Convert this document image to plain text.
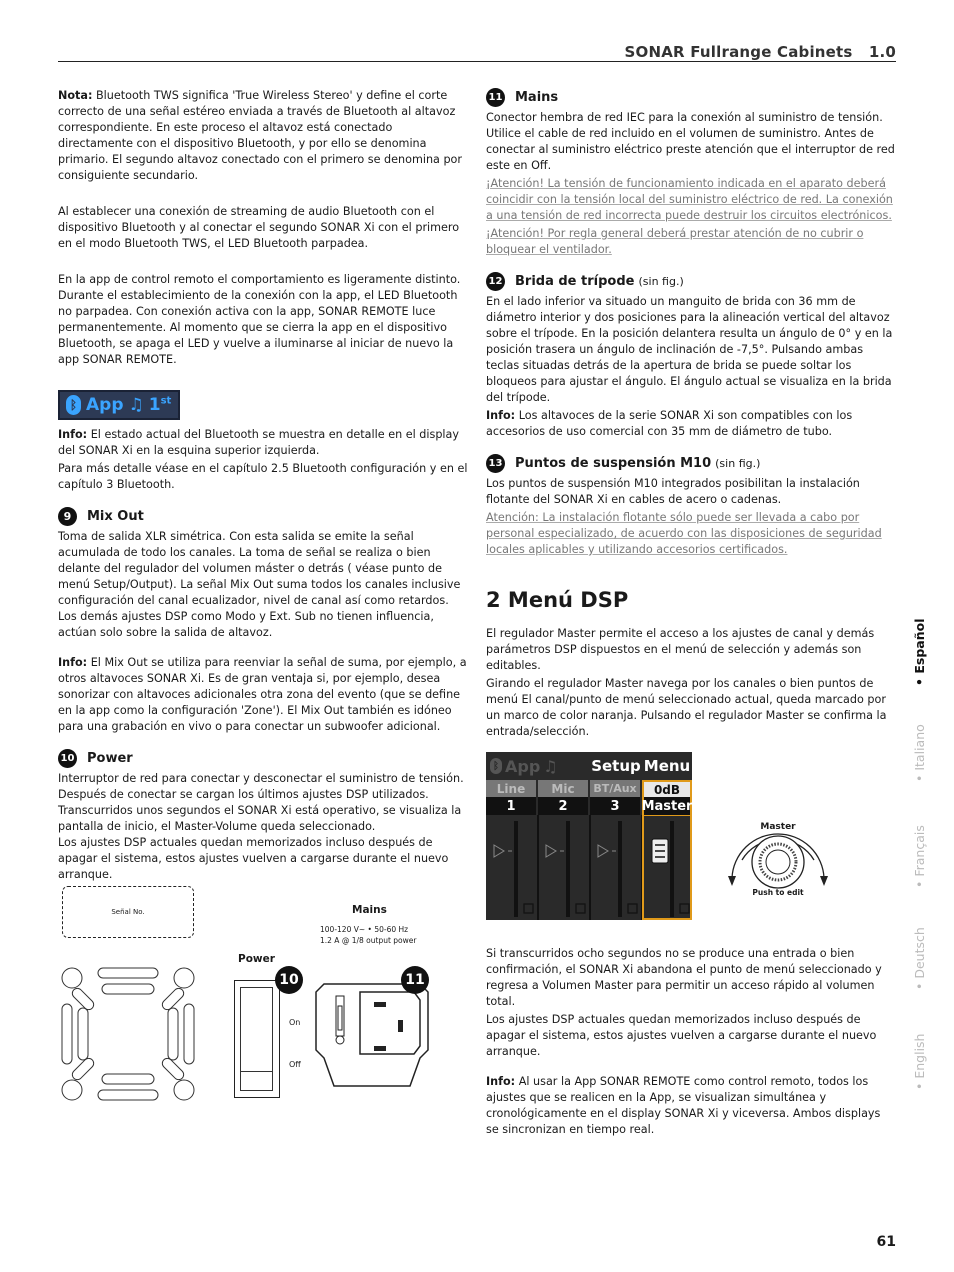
SONAR Fullrange Cabinets   1.0

Nota: Bluetooth TWS significa 'True Wireless Stereo' y define el corte correcto de una señal estéreo enviada a través de Bluetooth al altavoz correspondiente. En este proceso el altavoz está conectado directamente con el dispositivo Bluetooth, y por ello se denomina primario. El segundo altavoz conectado con el primero se denomina por consiguiente secundario.

Al establecer una conexión de streaming de audio Bluetooth con el dispositivo Bluetooth y al conectar el segundo SONAR Xi con el primero en el modo Bluetooth TWS, el LED Bluetooth parpadea.

En la app de control remoto el comportamiento es ligeramente distinto. Durante el establecimiento de la conexión con la app, el LED Bluetooth no parpadea. Con conexión activa con la app, SONAR REMOTE luce permanentemente. Al momento que se cierra la app en el dispositivo Bluetooth, se apaga el LED y vuelve a iluminarse al iniciar de nuevo la app SONAR REMOTE.

ᛒ App ♫ 1st

Info: El estado actual del Bluetooth se muestra en detalle en el display del SONAR Xi en la esquina superior izquierda.

Para más detalle véase en el capítulo 2.5 Bluetooth configuración y en el capítulo 3 Bluetooth.

9	Mix Out

Toma de salida XLR simétrica. Con esta salida se emite la señal acumulada de todo los canales. La toma de señal se realiza o bien delante del regulador del volumen máster o detrás ( véase punto de menú Setup/Output). La señal Mix Out suma todos los canales inclusive configuración del canal ecualizador, nivel de canal así como retardos. Los demás ajustes DSP como Modo y Ext. Sub no tienen influencia, actúan solo sobre la salida de altavoz.

Info: El Mix Out se utiliza para reenviar la señal de suma, por ejemplo, a otros altavoces SONAR Xi. Es de gran ventaja si, por ejemplo, desea sonorizar con altavoces adicionales otra zona del evento (que se define en la app como la configuración 'Zone'). El Mix Out también es idóneo para una grabación en vivo o para conectar un subwoofer adicional.

10 Power

Interruptor de red para conectar y desconectar el suministro de tensión. Después de conectar se cargan los últimos ajustes DSP utilizados. Transcurridos unos segundos el SONAR Xi está operativo, se visualiza la pantalla de inicio, el Master-Volume queda seleccionado.

Los ajustes DSP actuales quedan memorizados incluso después de apagar el sistema, estos ajustes vuelven a cargarse durante el nuevo arranque.

Señal No.	Mains
100-120 V~ • 50-60 Hz
1.2 A @ 1/8 output power
Power
On
Off
10	11
11 Mains

Conector hembra de red IEC para la conexión al suministro de tensión. Utilice el cable de red incluido en el volumen de suministro. Antes de conectar al suministro eléctrico preste atención que el interruptor de red este en Off.

¡Atención! La tensión de funcionamiento indicada en el aparato deberá coincidir con la tensión local del suministro eléctrico de red. La conexión a una tensión de red incorrecta puede destruir los circuitos electrónicos.

¡Atención! Por regla general deberá prestar atención de no cubrir o bloquear el ventilador.

12 Brida de trípode (sin fig.)

En el lado inferior va situado un manguito de brida con 36 mm de diámetro interior y dos posiciones para la alineación vertical del altavoz sobre el trípode. En la posición delantera resulta un ángulo de 0° y en la posición trasera un ángulo de inclinación de -7,5°. Pulsando ambas teclas situadas detrás de la apertura de brida se puede soltar los bloqueos para ajustar el ángulo. El ángulo actual se visualiza en la brida del trípode.

Info: Los altavoces de la serie SONAR Xi son compatibles con los accesorios de uso comercial con 35 mm de diámetro de tubo.

13 Puntos de suspensión M10 (sin fig.)

Los puntos de suspensión M10 integrados posibilitan la instalación flotante del SONAR Xi en cables de acero o cadenas.

Atención: La instalación flotante sólo puede ser llevada a cabo por personal especializado, de acuerdo con las disposiciones de seguridad locales aplicables y utilizando accesorios certificados.

2 Menú DSP

El regulador Master permite el acceso a los ajustes de canal y demás parámetros DSP dispuestos en el menú de selección y además son editables.

Girando el regulador Master navega por los canales o bien puntos de menú El canal/punto de menú seleccionado actual, queda marcado por un marco de color naranja. Pulsando el regulador Master se confirma la entrada/selección.

ᛒ App ♫ Setup Menu
Line	Mic	BT/Aux	0dB
1	2	3	Master
Master
Push to edit

Si transcurridos ocho segundos no se produce una entrada o bien confirmación, el SONAR Xi abandona el punto de menú seleccionado y regresa a Volumen Master para permitir un acceso rápido al volumen total.

Los ajustes DSP actuales quedan memorizados incluso después de apagar el sistema, estos ajustes vuelven a cargarse durante el nuevo arranque.

Info: Al usar la App SONAR REMOTE como control remoto, todos los ajustes que se realicen en la App, se visualizan simultánea y cronológicamente en el display SONAR Xi y viceversa. Ambos displays se sincronizan en tiempo real.

• Español
• Italiano
• Français
• Deutsch
• English
61
